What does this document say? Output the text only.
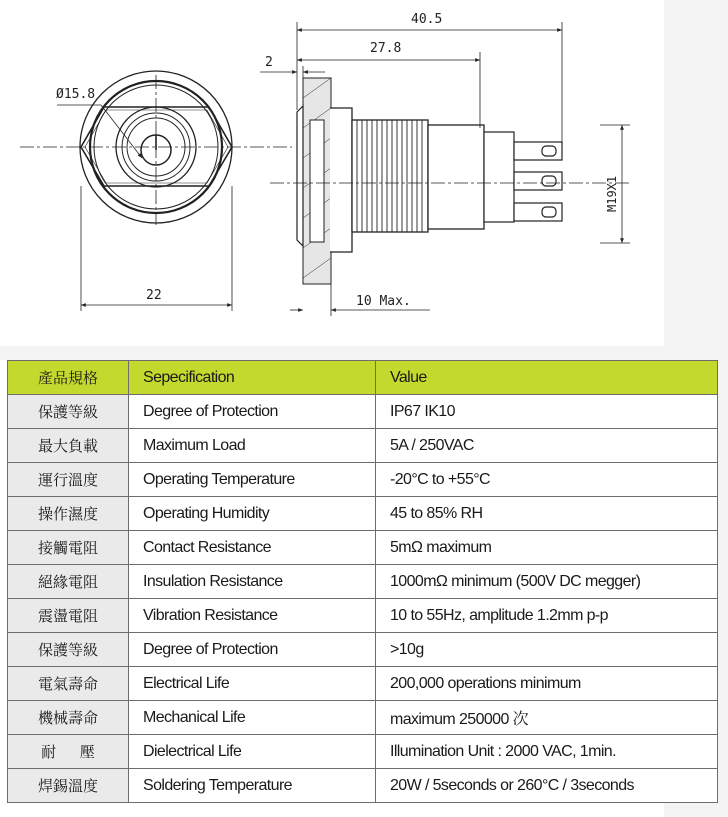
Ø15.8
22
40.5
27.8
2
10 Max.
M19X1
產品規格	Sepecification	Value
保護等級	Degree of Protection	IP67 IK10
最大負載	Maximum Load	5A / 250VAC
運行溫度	Operating Temperature	-20°C to +55°C
操作濕度	Operating Humidity	45 to 85% RH
接觸電阻	Contact Resistance	5mΩ maximum
絕緣電阻	Insulation Resistance	1000mΩ minimum (500V DC megger)
震盪電阻	Vibration Resistance	10 to 55Hz, amplitude 1.2mm p-p
保護等級	Degree of Protection	>10g
電氣壽命	Electrical Life	200,000 operations minimum
機械壽命	Mechanical Life	maximum 250000 次
耐     壓	Dielectrical Life	Illumination Unit : 2000 VAC, 1min.
焊錫溫度	Soldering Temperature	20W / 5seconds or 260°C / 3seconds
